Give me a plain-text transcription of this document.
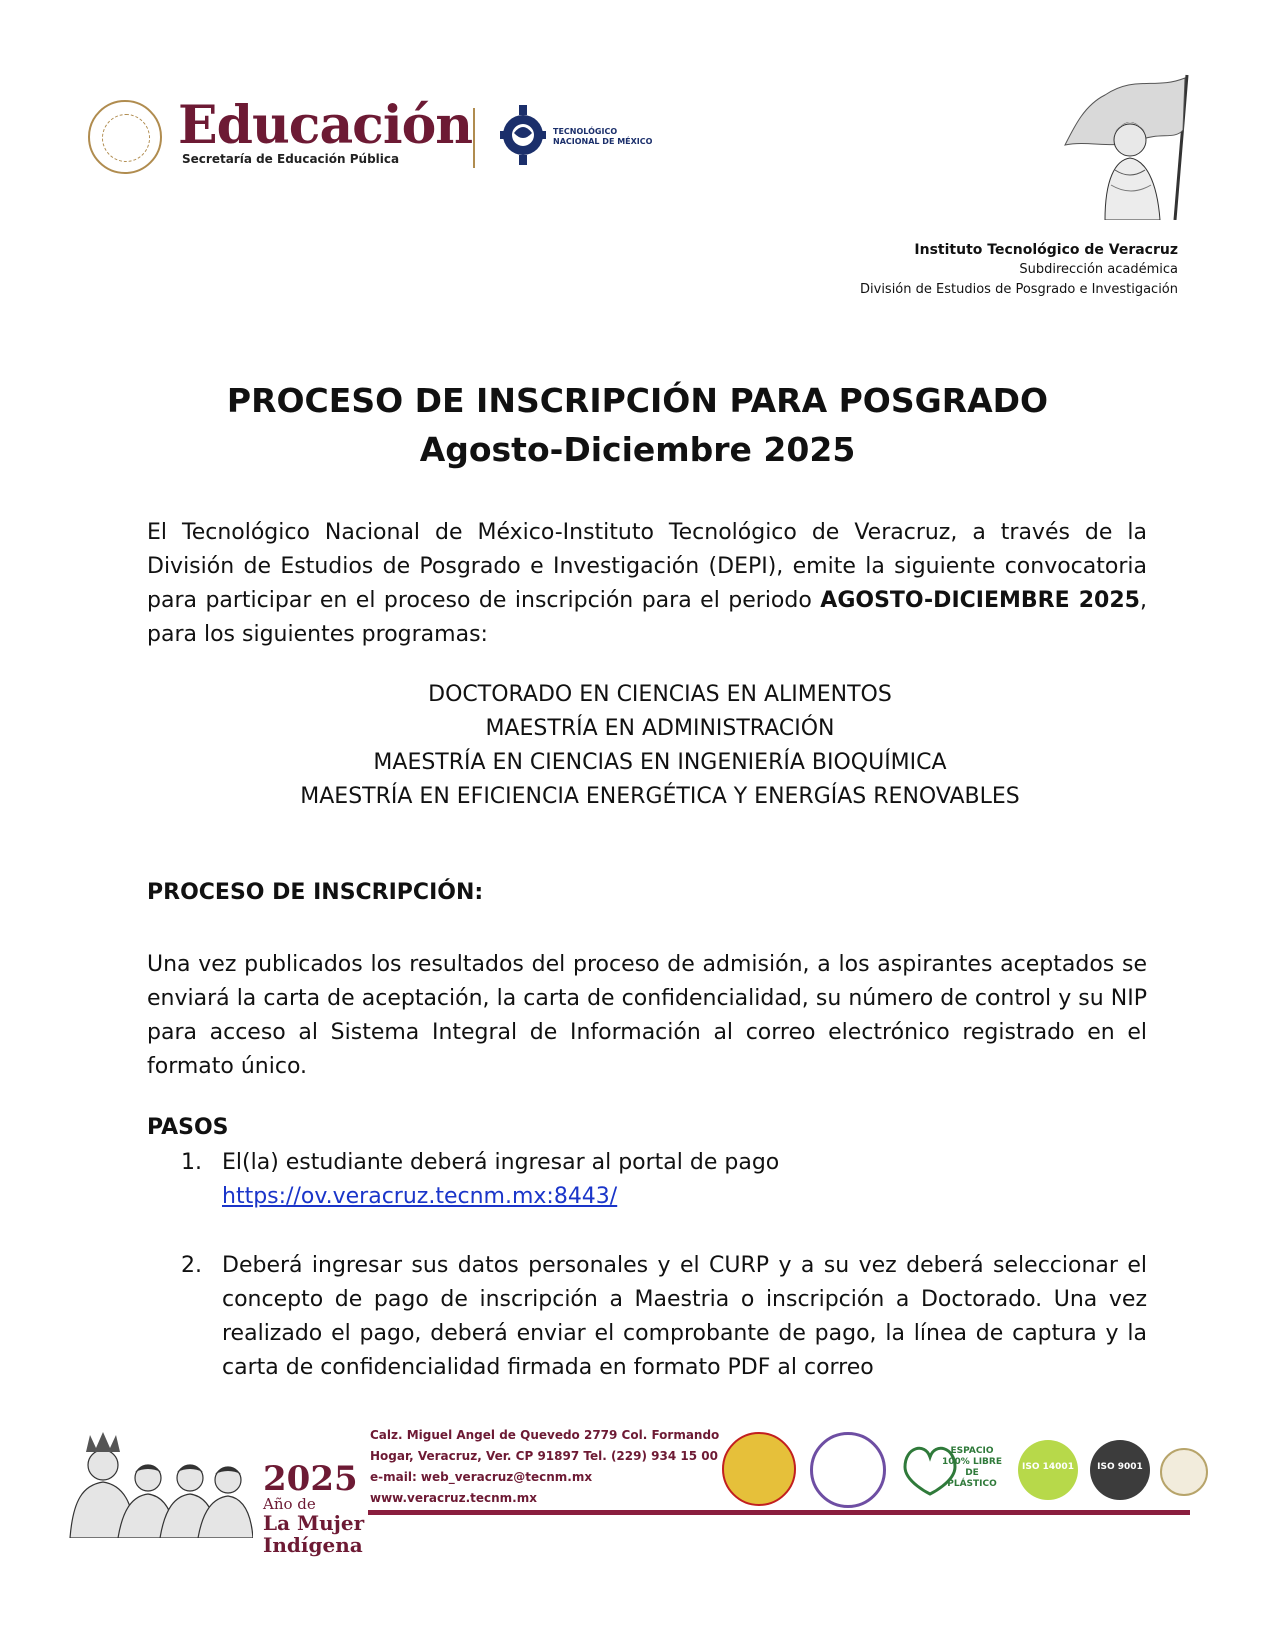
Educación
Secretaría de Educación Pública
TECNOLÓGICO
NACIONAL DE MÉXICO
Instituto Tecnológico de Veracruz
Subdirección académica
División de Estudios de Posgrado e Investigación
PROCESO DE INSCRIPCIÓN PARA POSGRADO
Agosto-Diciembre 2025
El Tecnológico Nacional de México-Instituto Tecnológico de Veracruz, a través de la División de Estudios de Posgrado e Investigación (DEPI), emite la siguiente convocatoria para participar en el proceso de inscripción para el periodo AGOSTO-DICIEMBRE 2025, para los siguientes programas:
DOCTORADO EN CIENCIAS EN ALIMENTOS
MAESTRÍA EN ADMINISTRACIÓN
MAESTRÍA EN CIENCIAS EN INGENIERÍA BIOQUÍMICA
MAESTRÍA EN EFICIENCIA ENERGÉTICA Y ENERGÍAS RENOVABLES
PROCESO DE INSCRIPCIÓN:
Una vez publicados los resultados del proceso de admisión, a los aspirantes aceptados se enviará la carta de aceptación, la carta de confidencialidad, su número de control y su NIP para acceso al Sistema Integral de Información al correo electrónico registrado en el formato único.
PASOS
1. El(la) estudiante deberá ingresar al portal de pago
https://ov.veracruz.tecnm.mx:8443/
2. Deberá ingresar sus datos personales y el CURP y a su vez deberá seleccionar el concepto de pago de inscripción a Maestria o inscripción a Doctorado. Una vez realizado el pago, deberá enviar el comprobante de pago, la línea de captura y la carta de confidencialidad firmada en formato PDF al correo
2025
Año de
La Mujer
Indígena
Calz. Miguel Angel de Quevedo 2779 Col. Formando
Hogar, Veracruz, Ver. CP 91897 Tel. (229) 934 15 00
e-mail: web_veracruz@tecnm.mx
www.veracruz.tecnm.mx
ESPACIO 100% LIBRE DE PLÁSTICO
ISO 14001	ISO 9001
